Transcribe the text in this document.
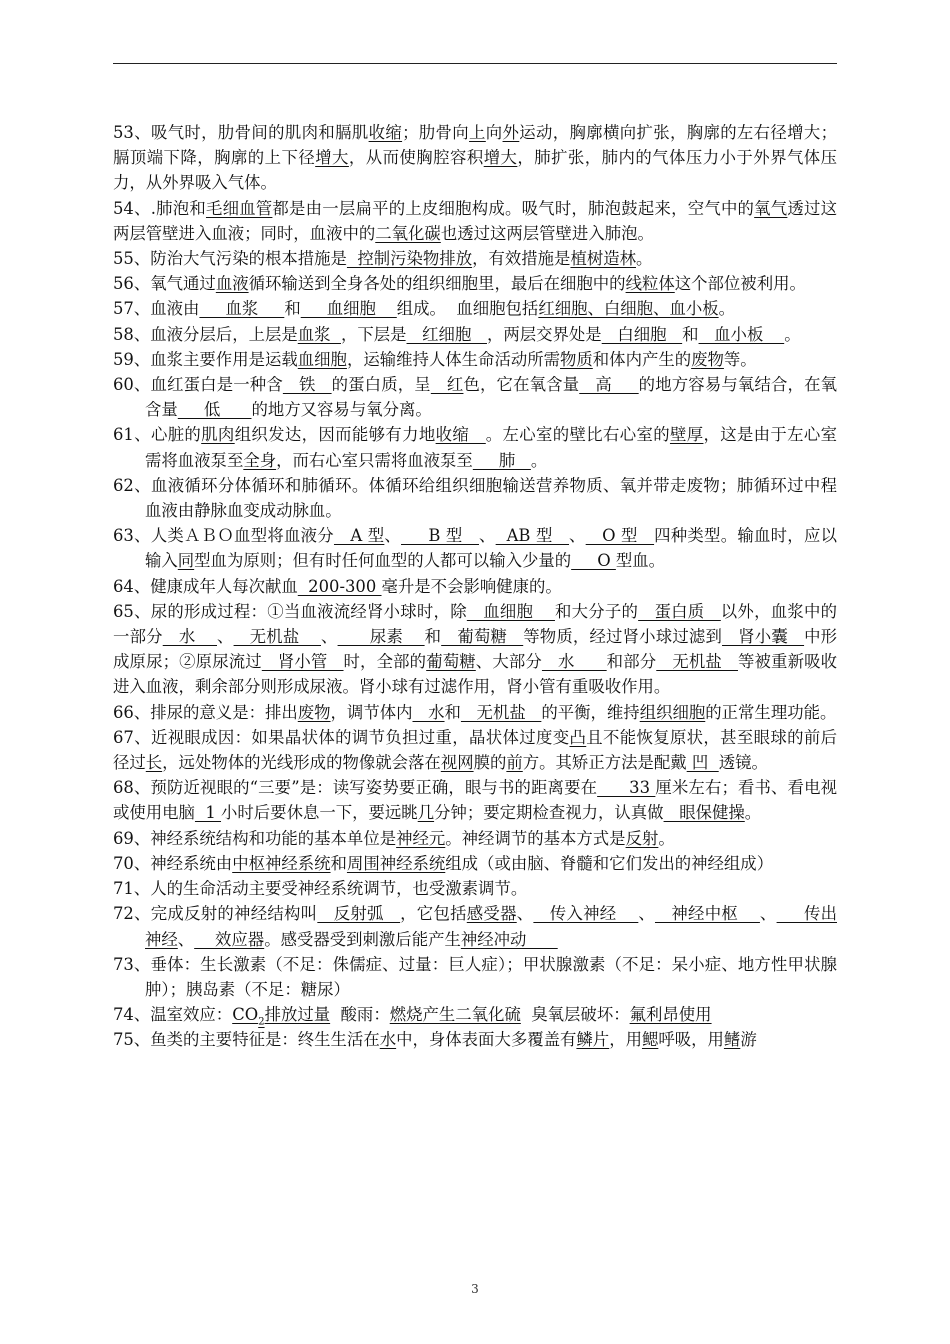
53、吸气时，肋骨间的肌肉和膈肌收缩；肋骨向上向外运动，胸廓横向扩张，胸廓的左右径增大；膈顶端下降，胸廓的上下径增大，从而使胸腔容积增大，肺扩张，肺内的气体压力小于外界气体压力，从外界吸入气体。

54、.肺泡和毛细血管都是由一层扁平的上皮细胞构成。吸气时，肺泡鼓起来，空气中的氧气透过这两层管壁进入血液；同时，血液中的二氧化碳也透过这两层管壁进入肺泡。

55、防治大气污染的根本措施是  控制污染物排放，有效措施是植树造林。

56、氧气通过血液循环输送到全身各处的组织细胞里，最后在细胞中的线粒体这个部位被利用。

57、血液由     血浆     和     血细胞    组成。  血细胞包括红细胞、白细胞、血小板。

58、血液分层后，上层是血浆  ，下层是   红细胞   ，两层交界处是   白细胞   和   血小板    。

59、血浆主要作用是运载血细胞，运输维持人体生命活动所需物质和体内产生的废物等。

60、血红蛋白是一种含   铁   的蛋白质，呈   红色，它在氧含量   高     的地方容易与氧结合，在氧含量     低      的地方又容易与氧分离。

61、心脏的肌肉组织发达，因而能够有力地收缩   。左心室的壁比右心室的壁厚，这是由于左心室需将血液泵至全身，而右心室只需将血液泵至     肺   。

62、血液循环分体循环和肺循环。体循环给组织细胞输送营养物质、氧并带走废物；肺循环过中程血液由静脉血变成动脉血。

63、人类ＡＢＯ血型将血液分   A 型、     B 型   、  AB 型   、   O 型   四种类型。输血时，应以输入同型血为原则；但有时任何血型的人都可以输入少量的     O 型血。

64、健康成年人每次献血  200-300 毫升是不会影响健康的。

65、尿的形成过程：①当血液流经肾小球时，除   血细胞    和大分子的   蛋白质   以外，血浆中的一部分   水    、   无机盐    、      尿素    和   葡萄糖   等物质，经过肾小球过滤到   肾小囊   中形成原尿；②原尿流过   肾小管   时，全部的葡萄糖、大部分   水      和部分   无机盐   等被重新吸收进入血液，剩余部分则形成尿液。肾小球有过滤作用，肾小管有重吸收作用。

66、排尿的意义是：排出废物，调节体内   水和   无机盐   的平衡，维持组织细胞的正常生理功能。

67、近视眼成因：如果晶状体的调节负担过重，晶状体过度变凸且不能恢复原状，甚至眼球的前后径过长，远处物体的光线形成的物像就会落在视网膜的前方。其矫正方法是配戴 凹  透镜。

68、预防近视眼的“三要”是：读写姿势要正确，眼与书的距离要在      33 厘米左右；看书、看电视或使用电脑  1 小时后要休息一下，要远眺几分钟；要定期检查视力，认真做   眼保健操。

69、神经系统结构和功能的基本单位是神经元。神经调节的基本方式是反射。

70、神经系统由中枢神经系统和周围神经系统组成（或由脑、脊髓和它们发出的神经组成）

71、人的生命活动主要受神经系统调节，也受激素调节。

72、完成反射的神经结构叫   反射弧   ，它包括感受器、   传入神经    、   神经中枢    、     传出神经、    效应器。感受器受到刺激后能产生神经冲动

73、垂体：生长激素（不足：侏儒症、过量：巨人症）；甲状腺激素（不足：呆小症、地方性甲状腺肿）；胰岛素（不足：糖尿）

74、温室效应：$CO_2$排放过量  酸雨：燃烧产生二氧化硫  臭氧层破坏：氟利昂使用

75、鱼类的主要特征是：终生生活在水中，身体表面大多覆盖有鳞片，用鳃呼吸，用鳍游

3
